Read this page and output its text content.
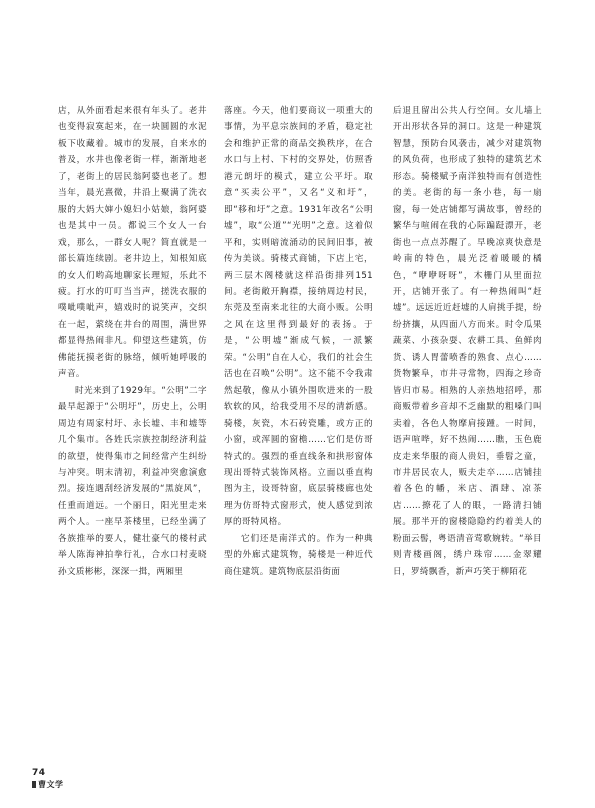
店，从外面看起来很有年头了。老井也变得寂寞起来，在一块圆圆的水泥板下收藏着。城市的发展，自来水的普及，水井也像老街一样，渐渐地老了，老街上的居民翁阿婆也老了。想当年，晨光熹微，井沿上聚满了洗衣服的大妈大婶小媳妇小姑娘，翁阿婆也是其中一员。都说三个女人一台戏，那么，一群女人呢？简直就是一部长篇连续剧。老井边上，知根知底的女人们哟高地聊家长理短，乐此不疲。打水的叮叮当当声，搓洗衣服的噗呲噗呲声，嬉戏时的说笑声，交织在一起，萦绕在井台的周围，满世界都显得热闹非凡。仰望这些建筑，仿佛能抚摸老街的脉络，倾听她呼吸的声音。

时光来到了1929年。“公明”二字最早起源于“公明圩”，历史上，公明周边有周家村圩、永长墟、丰和墟等几个集市。各姓氏宗族控制经济利益的欲望，使得集市之间经常产生纠纷与冲突。明末清初，利益冲突愈演愈烈。接连遇刮经济发展的“黑旋风”，任重而道远。一个丽日，阳光里走来两个人。一座早茶楼里，已经坐满了各族推举的要人，健壮豪气的楼村武举人陈海神拍拳行礼，合水口村麦晓孙文质彬彬，深深一揖，两厢里

落座。今天，他们要商议一项重大的事情，为平息宗族间的矛盾，稳定社会和维护正常的商品交换秩序，在合水口与上村、下村的交界处，仿照香港元朗圩的模式，建立公平圩。取意“买卖公平”，又名“义和圩”，即“移和圩”之意。1931年改名“公明墟”，取“公道”“光明”之意。这着似平和，实则暗流涌动的民间旧事，被传为美谈。骑楼式商铺，下店上宅，两三层木阁楼就这样沿街排列151间。老街敞开胸襟，接纳周边村民，东莞及至南来北往的大商小贩。公明之风在这里得到最好的表扬。于是，“公明墟”渐成气候，一派繁荣。“公明”自在人心，我们的社会生活也在召唤“公明”。这不能不令我肃然起敬，像从小镇外围吹进来的一股软软的风，给我受用不尽的清新感。骑楼，灰瓷，木石砖瓷雕，或方正的小窗，或浑圆的窗檐……它们是仿哥特式的。强烈的垂直线条和拱形窗体现出哥特式装饰风格。立面以垂直构图为主，设哥特窗，底层骑楼廊也处理为仿哥特式窗形式，使人感觉到浓厚的哥特风格。

它们还是南洋式的。作为一种典型的外廊式建筑物，骑楼是一种近代商住建筑。建筑物底层沿街面

后退且留出公共人行空间。女儿墙上开出形状各异的洞口。这是一种建筑智慧，预防台风袭击，减少对建筑物的风负荷，也形成了独特的建筑艺术形态。骑楼赋予南洋独特而有创造性的美。老街的每一条小巷，每一扇窗，每一处店铺都写满故事，曾经的繁华与喧闹在我的心际蹁跹漂开，老街也一点点苏醒了。早晚凉爽快意是岭南的特色，晨光泛着暖暖的橘色，“咿咿呀呀”，木栅门从里面拉开，店铺开张了。有一种热闹叫“赶墟”。远远近近赶墟的人肩挑手提，纷纷挤攘，从四面八方而来。时令瓜果蔬菜、小孩杂耍、农耕工具、鱼鲜肉货、诱人胃蕾喷香的熟食、点心……货物繁阜，市井寻常物，四海之珍奇皆归市易。相熟的人亲热地招呼，那商贩带着乡音却不乏幽默的粗嗓门叫卖着，各色人物摩肩接踵。一时间，语声喧哗，好不热闹……瞧，玉色鹿皮走来华服的商人贵妇，垂髫之童，市井居民农人，贩夫走卒……店铺挂着各色的幡，米店、酒肆、凉茶店……撩花了人的眼，一路清扫铺展。那半开的窗楼隐隐约约着美人的粉面云髻，粤语清音莺歌婉转。“举目则青楼画阁，绣户珠帘……金翠耀日，罗绮飘香，新声巧笑于柳陌花

74
曹文学
